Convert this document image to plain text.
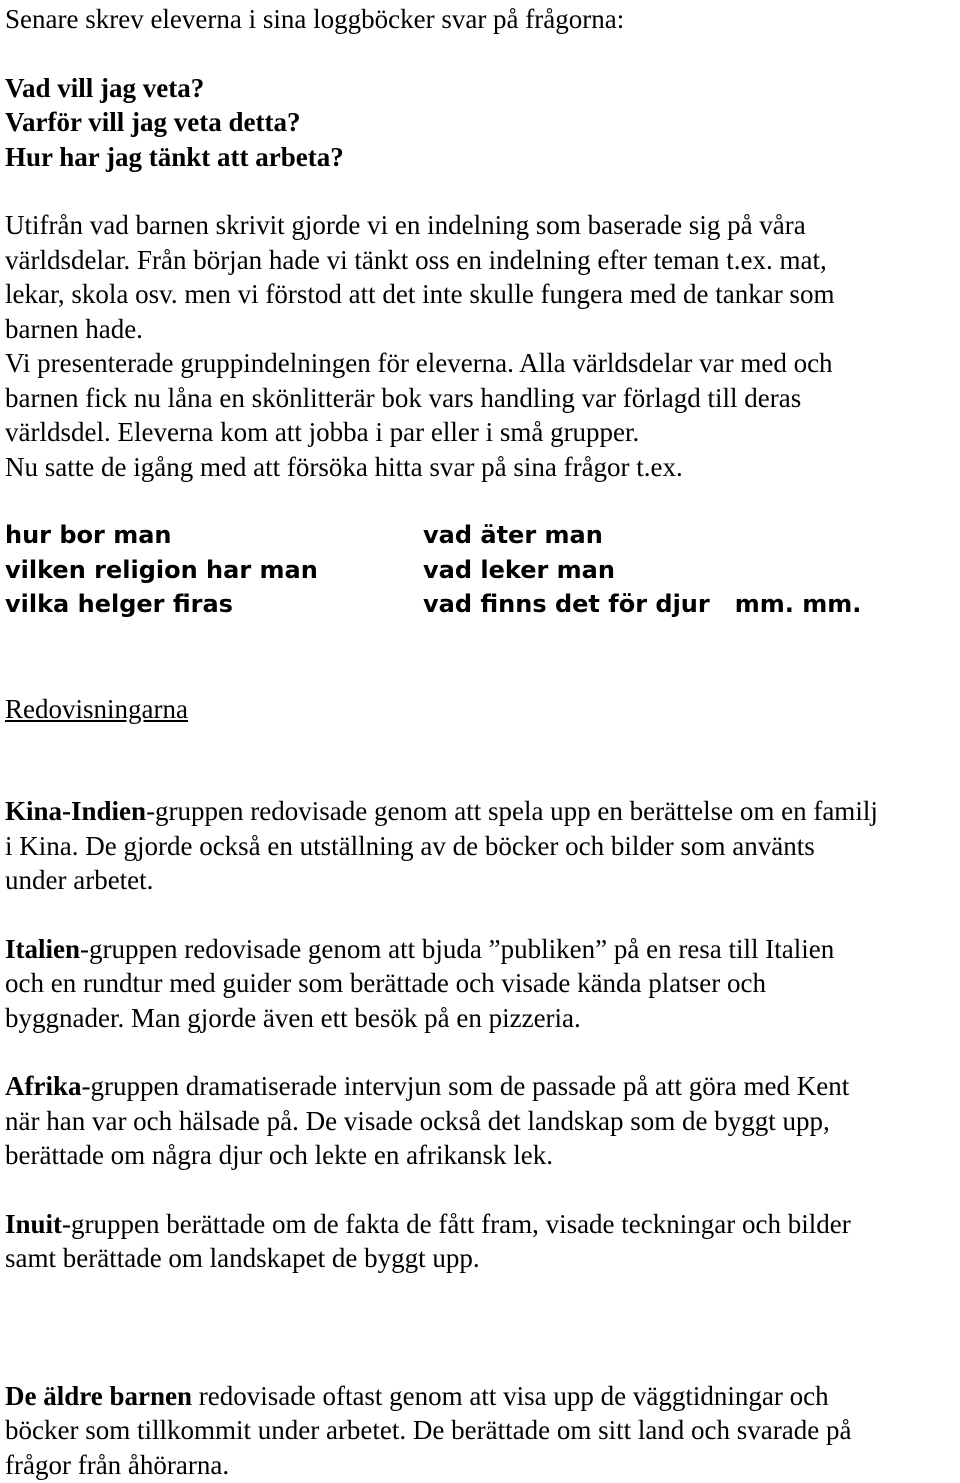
Senare skrev eleverna i sina loggböcker svar på frågorna:
Vad vill jag veta?
Varför vill jag veta detta?
Hur har jag tänkt att arbeta?
Utifrån vad barnen skrivit gjorde vi en indelning som baserade sig på våra
världsdelar. Från början hade vi tänkt oss en indelning efter teman t.ex. mat,
lekar, skola osv. men vi förstod att det inte skulle fungera med de tankar som
barnen hade.
Vi presenterade gruppindelningen för eleverna. Alla världsdelar var med och
barnen fick nu låna en skönlitterär bok vars handling var förlagd till deras
världsdel. Eleverna kom att jobba i par eller i små grupper.
Nu satte de igång med att försöka hitta svar på sina frågor t.ex.
hur bor man
vilken religion har man
vilka helger firas
vad äter man
vad leker man
vad finns det för djur   mm. mm.
Redovisningarna
Kina-Indien-gruppen redovisade genom att spela upp en berättelse om en familj
i Kina. De gjorde också en utställning av de böcker och bilder som använts
under arbetet.
Italien-gruppen redovisade genom att bjuda ”publiken” på en resa till Italien
och en rundtur med guider som berättade och visade kända platser och
byggnader. Man gjorde även ett besök på en pizzeria.
Afrika-gruppen dramatiserade intervjun som de passade på att göra med Kent
när han var och hälsade på. De visade också det landskap som de byggt upp,
berättade om några djur och lekte en afrikansk lek.
Inuit-gruppen berättade om de fakta de fått fram, visade teckningar och bilder
samt berättade om landskapet de byggt upp.
De äldre barnen redovisade oftast genom att visa upp de väggtidningar och
böcker som tillkommit under arbetet. De berättade om sitt land och svarade på
frågor från åhörarna.
